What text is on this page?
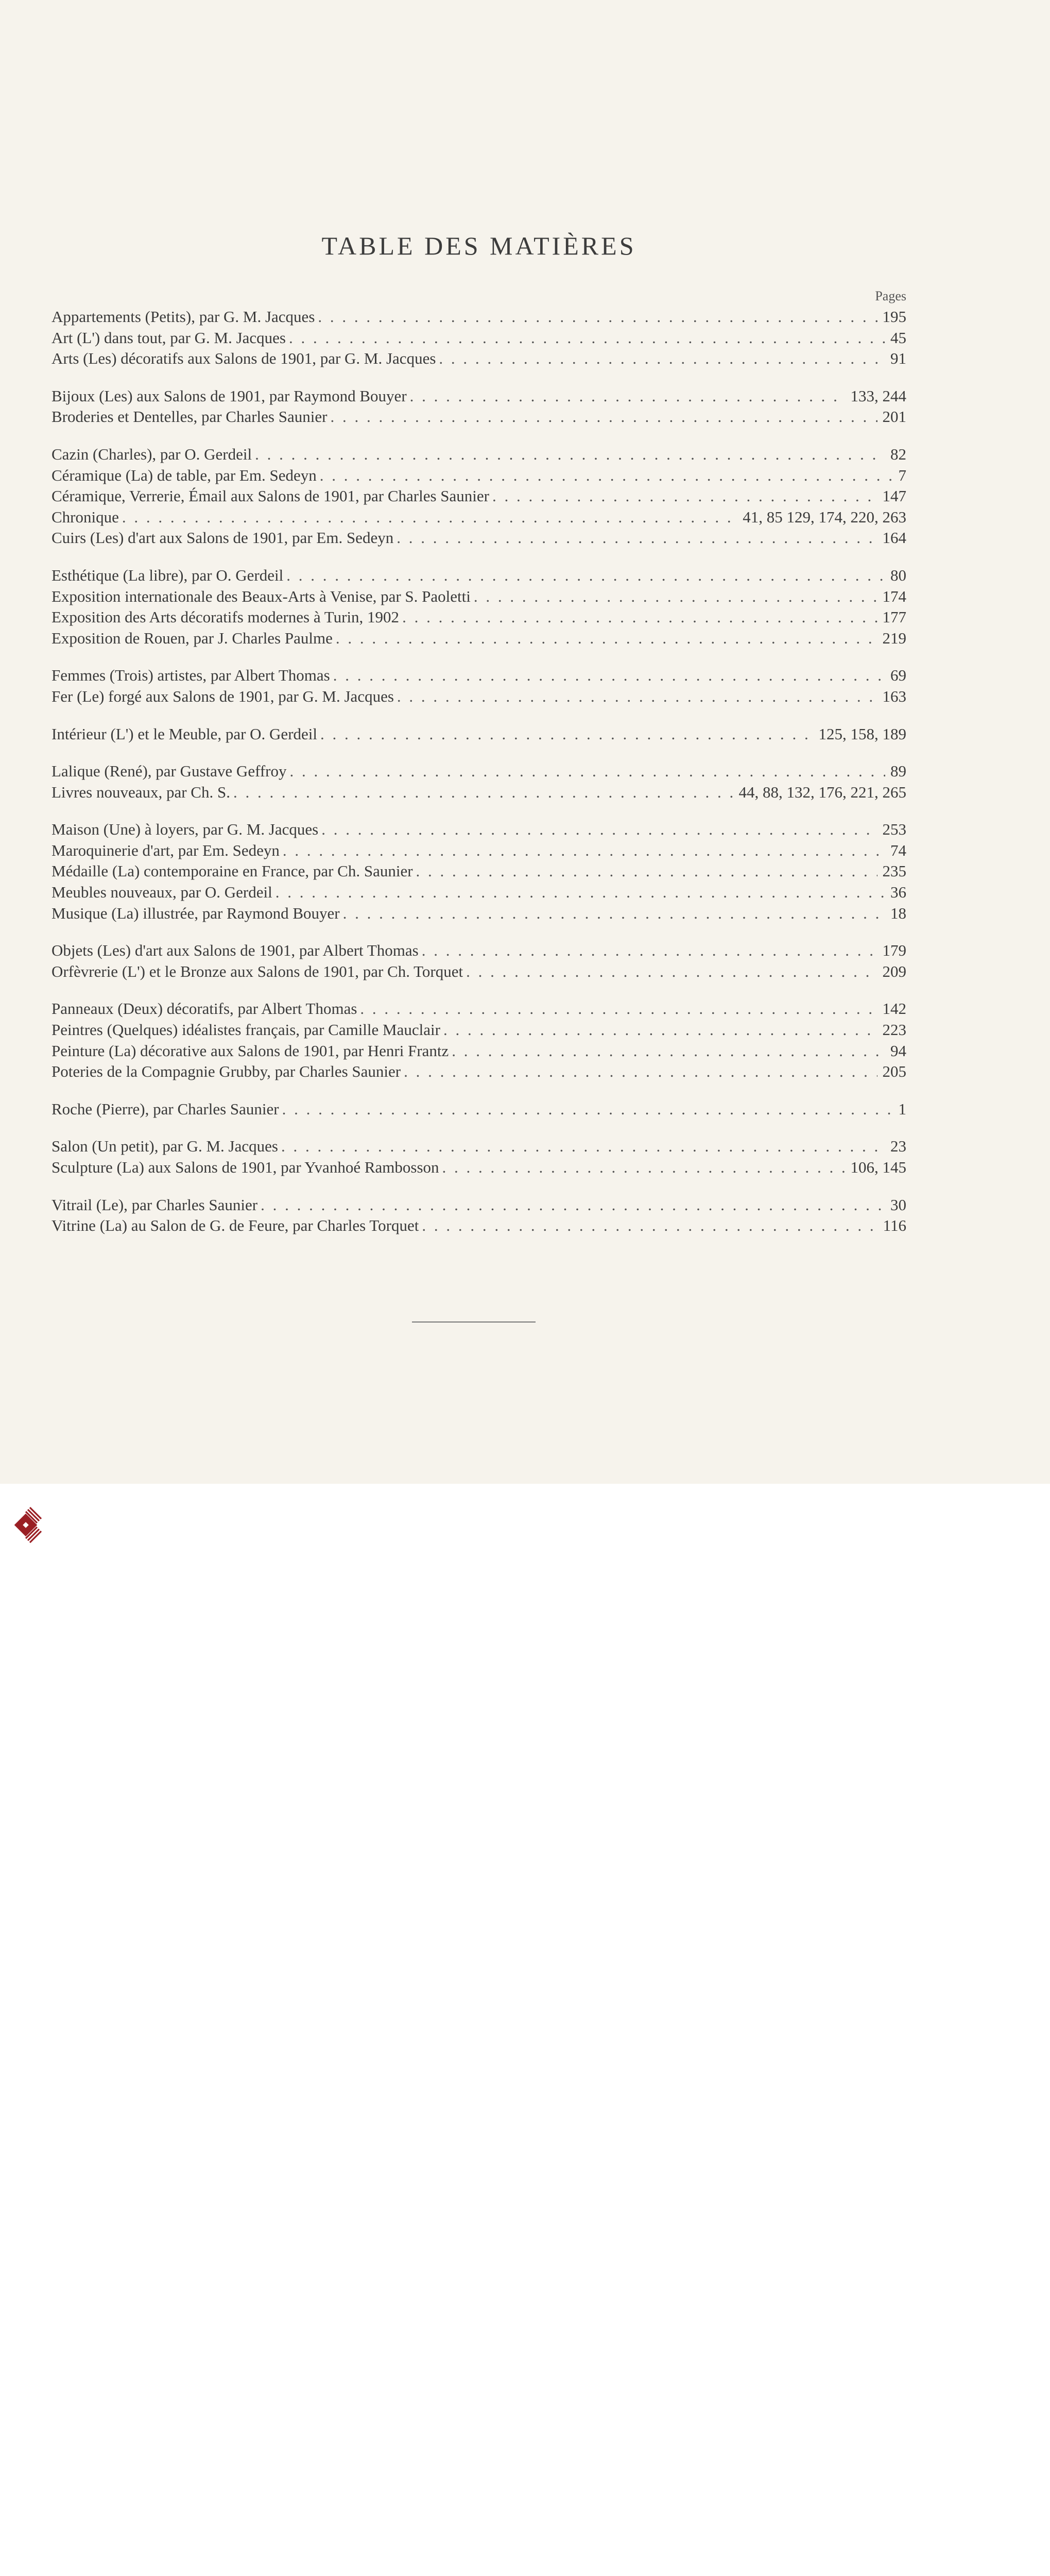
TABLE DES MATIÈRES
Pages
Appartements (Petits), par G. M. Jacques . . .	195
Art (L') dans tout, par G. M. Jacques . . .	45
Arts (Les) décoratifs aux Salons de 1901, par G. M. Jacques . . .	91
Bijoux (Les) aux Salons de 1901, par Raymond Bouyer . . .	133, 244
Broderies et Dentelles, par Charles Saunier . . .	201
Cazin (Charles), par O. Gerdeil . . .	82
Céramique (La) de table, par Em. Sedeyn . . .	7
Céramique, Verrerie, Émail aux Salons de 1901, par Charles Saunier . . .	147
Chronique . . .	41, 85 129, 174, 220, 263
Cuirs (Les) d'art aux Salons de 1901, par Em. Sedeyn . . .	164
Esthétique (La libre), par O. Gerdeil . . .	80
Exposition internationale des Beaux-Arts à Venise, par S. Paoletti . . .	174
Exposition des Arts décoratifs modernes à Turin, 1902 . . .	177
Exposition de Rouen, par J. Charles Paulme . . .	219
Femmes (Trois) artistes, par Albert Thomas . . .	69
Fer (Le) forgé aux Salons de 1901, par G. M. Jacques . . .	163
Intérieur (L') et le Meuble, par O. Gerdeil . . .	125, 158, 189
Lalique (René), par Gustave Geffroy . . .	89
Livres nouveaux, par Ch. S. . . .	44, 88, 132, 176, 221, 265
Maison (Une) à loyers, par G. M. Jacques . . .	253
Maroquinerie d'art, par Em. Sedeyn . . .	74
Médaille (La) contemporaine en France, par Ch. Saunier . . .	235
Meubles nouveaux, par O. Gerdeil . . .	36
Musique (La) illustrée, par Raymond Bouyer . . .	18
Objets (Les) d'art aux Salons de 1901, par Albert Thomas . . .	179
Orfèvrerie (L') et le Bronze aux Salons de 1901, par Ch. Torquet . . .	209
Panneaux (Deux) décoratifs, par Albert Thomas . . .	142
Peintres (Quelques) idéalistes français, par Camille Mauclair . . .	223
Peinture (La) décorative aux Salons de 1901, par Henri Frantz . . .	94
Poteries de la Compagnie Grubby, par Charles Saunier . . .	205
Roche (Pierre), par Charles Saunier . . .	1
Salon (Un petit), par G. M. Jacques . . .	23
Sculpture (La) aux Salons de 1901, par Yvanhoé Rambosson . . .	106, 145
Vitrail (Le), par Charles Saunier . . .	30
Vitrine (La) au Salon de G. de Feure, par Charles Torquet . . .	116
